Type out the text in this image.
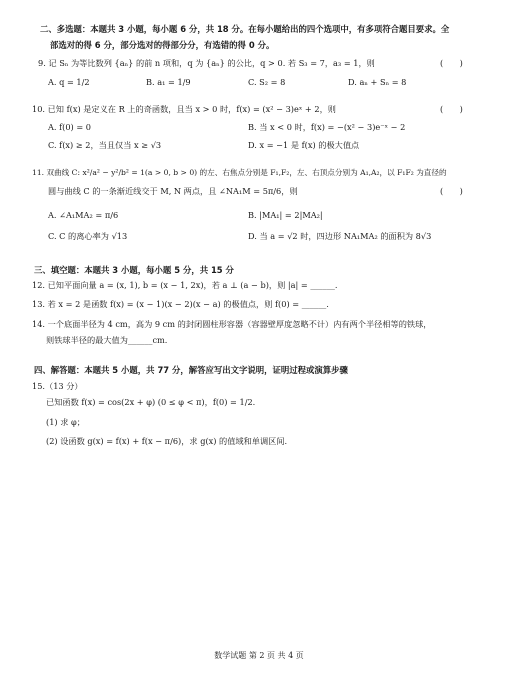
二、多选题：本题共 3 小题，每小题 6 分，共 18 分。在每小题给出的四个选项中，有多项符合题目要求。全
部选对的得 6 分，部分选对的得部分分，有选错的得 0 分。
9. 记 Sₙ 为等比数列 {aₙ} 的前 n 项和，q 为 {aₙ} 的公比，q > 0. 若 S₃ = 7，a₃ = 1，则	(　　)
A. q = 1/2	B. a₁ = 1/9	C. S₂ = 8	D. aₙ + Sₙ = 8
10. 已知 f(x) 是定义在 R 上的奇函数，且当 x > 0 时，f(x) = (x² − 3)eˣ + 2，则	(　　)
A. f(0) = 0	B. 当 x < 0 时，f(x) = −(x² − 3)e⁻ˣ − 2
C. f(x) ≥ 2，当且仅当 x ≥ √3	D. x = −1 是 f(x) 的极大值点
11. 双曲线 C: x²/a² − y²/b² = 1(a > 0, b > 0) 的左、右焦点分别是 F₁,F₂，左、右顶点分别为 A₁,A₂，以 F₁F₂ 为直径的
圆与曲线 C 的一条渐近线交于 M, N 两点，且 ∠NA₁M = 5π/6，则	(　　)
A. ∠A₁MA₂ = π/6	B. |MA₁| = 2|MA₂|
C. C 的离心率为 √13	D. 当 a = √2 时，四边形 NA₁MA₂ 的面积为 8√3
三、填空题：本题共 3 小题，每小题 5 分，共 15 分
12. 已知平面向量 a = (x, 1), b = (x − 1, 2x)，若 a ⊥ (a − b)，则 |a| = ______.
13. 若 x = 2 是函数 f(x) = (x − 1)(x − 2)(x − a) 的极值点，则 f(0) = ______.
14. 一个底面半径为 4 cm，高为 9 cm 的封闭圆柱形容器（容器壁厚度忽略不计）内有两个半径相等的铁球，
则铁球半径的最大值为______cm.
四、解答题：本题共 5 小题，共 77 分，解答应写出文字说明，证明过程或演算步骤
15.（13 分）
已知函数 f(x) = cos(2x + φ) (0 ≤ φ < π)，f(0) = 1/2.
(1) 求 φ；
(2) 设函数 g(x) = f(x) + f(x − π/6)，求 g(x) 的值域和单调区间.
数学试题 第 2 页 共 4 页
